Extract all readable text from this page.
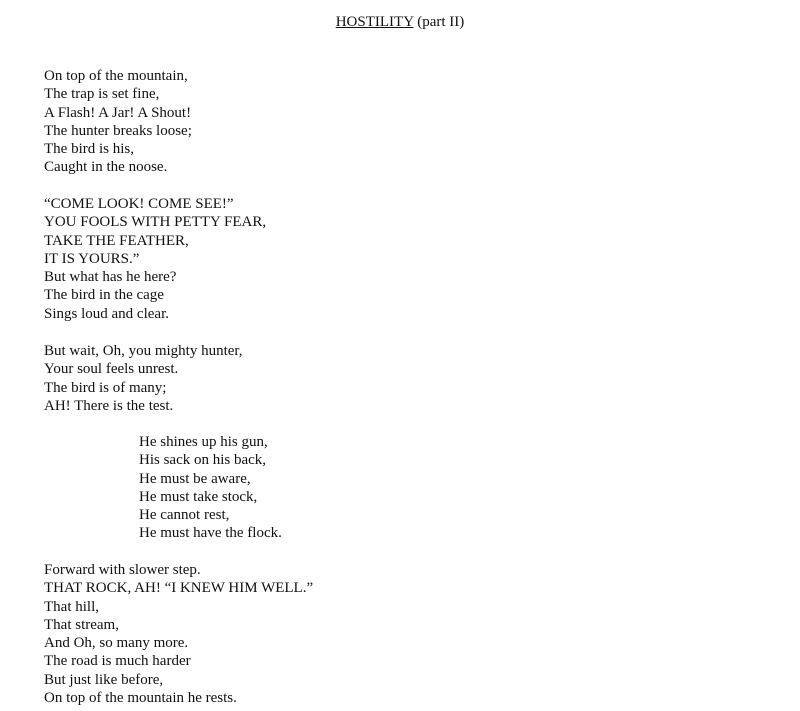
HOSTILITY (part II)
On top of the mountain,
The trap is set fine,
A Flash! A Jar! A Shout!
The hunter breaks loose;
The bird is his,
Caught in the noose.
“COME LOOK! COME SEE!”
YOU FOOLS WITH PETTY FEAR,
TAKE THE FEATHER,
IT IS YOURS.”
But what has he here?
The bird in the cage
Sings loud and clear.
But wait, Oh, you mighty hunter,
Your soul feels unrest.
The bird is of many;
AH! There is the test.
He shines up his gun,
His sack on his back,
He must be aware,
He must take stock,
He cannot rest,
He must have the flock.
Forward with slower step.
THAT ROCK, AH! “I KNEW HIM WELL.”
That hill,
That stream,
And Oh, so many more.
The road is much harder
But just like before,
On top of the mountain he rests.
